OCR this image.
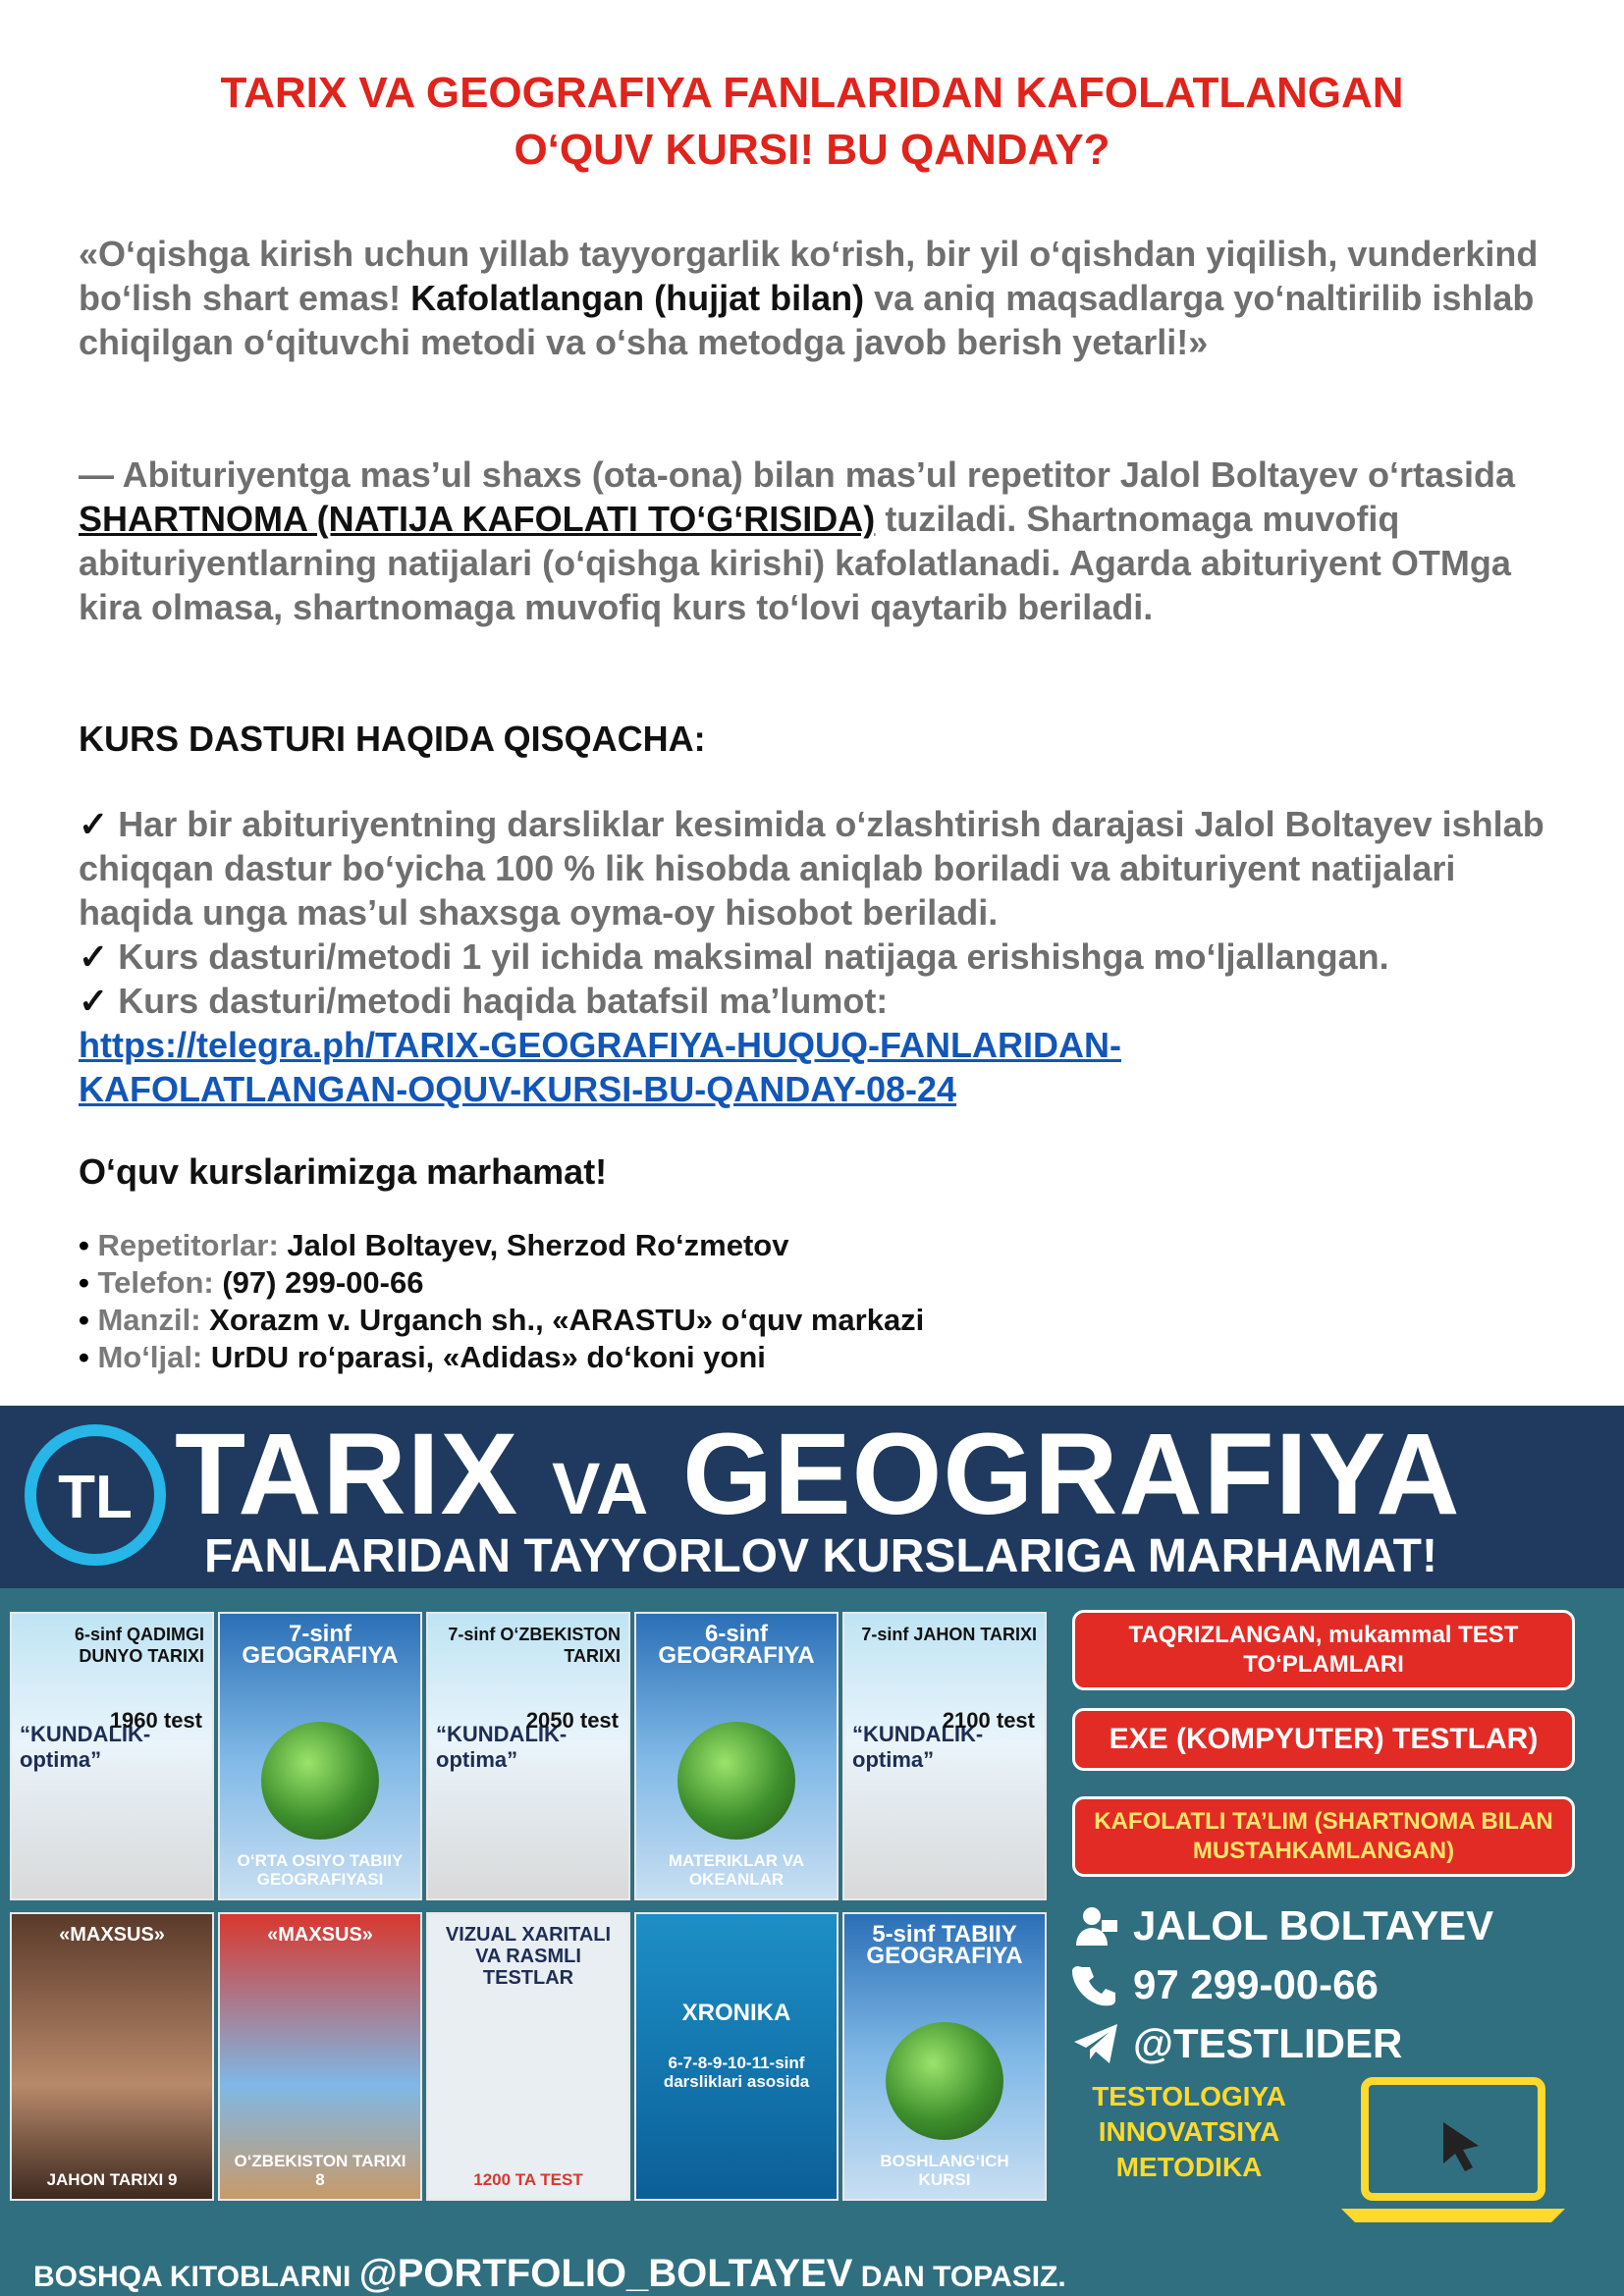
TARIX VA GEOGRAFIYA FANLARIDAN KAFOLATLANGAN
O‘QUV KURSI! BU QANDAY?
«O‘qishga kirish uchun yillab tayyorgarlik ko‘rish, bir yil o‘qishdan yiqilish, vunderkind bo‘lish shart emas! Kafolatlangan (hujjat bilan) va aniq maqsadlarga yo‘naltirilib ishlab chiqilgan o‘qituvchi metodi va o‘sha metodga javob berish yetarli!»
— Abituriyentga mas’ul shaxs (ota-ona) bilan mas’ul repetitor Jalol Boltayev o‘rtasida SHARTNOMA (NATIJA KAFOLATI TO‘G‘RISIDA) tuziladi. Shartnomaga muvofiq abituriyentlarning natijalari (o‘qishga kirishi) kafolatlanadi. Agarda abituriyent OTMga kira olmasa, shartnomaga muvofiq kurs to‘lovi qaytarib beriladi.
KURS DASTURI HAQIDA QISQACHA:
✓ Har bir abituriyentning darsliklar kesimida o‘zlashtirish darajasi Jalol Boltayev ishlab chiqqan dastur bo‘yicha 100 % lik hisobda aniqlab boriladi va abituriyent natijalari haqida unga mas’ul shaxsga oyma-oy hisobot beriladi.
✓ Kurs dasturi/metodi 1 yil ichida maksimal natijaga erishishga mo‘ljallangan.
✓ Kurs dasturi/metodi haqida batafsil ma’lumot:
https://telegra.ph/TARIX-GEOGRAFIYA-HUQUQ-FANLARIDAN-
KAFOLATLANGAN-OQUV-KURSI-BU-QANDAY-08-24
O‘quv kurslarimizga marhamat!
• Repetitorlar: Jalol Boltayev, Sherzod Ro‘zmetov
• Telefon: (97) 299-00-66
• Manzil: Xorazm v. Urganch sh., «ARASTU» o‘quv markazi
• Mo‘ljal: UrDU ro‘parasi, «Adidas» do‘koni yoni
TL TARIX VA GEOGRAFIYA
FANLARIDAN TAYYORLOV KURSLARIGA MARHAMAT!
6-sinf QADIMGI DUNYO TARIXI
“KUNDALIK-optima”
1960 test
7-sinf GEOGRAFIYA
O‘RTA OSIYO TABIIY GEOGRAFIYASI
7-sinf O‘ZBEKISTON TARIXI
“KUNDALIK-optima”
2050 test
6-sinf GEOGRAFIYA
MATERIKLAR VA OKEANLAR
7-sinf JAHON TARIXI
“KUNDALIK-optima”
2100 test
«MAXSUS»
JAHON TARIXI 9
«MAXSUS»
O‘ZBEKISTON TARIXI 8
VIZUAL XARITALI VA RASMLI TESTLAR
1200 TA TEST
XRONIKA
6-7-8-9-10-11-sinf darsliklari asosida
5-sinf TABIIY GEOGRAFIYA
BOSHLANG‘ICH KURSI
TAQRIZLANGAN, mukammal TEST TO‘PLAMLARI
EXE (KOMPYUTER) TESTLAR)
KAFOLATLI TA’LIM (SHARTNOMA BILAN MUSTAHKAMLANGAN)
JALOL BOLTAYEV
97 299-00-66
@TESTLIDER
TESTOLOGIYA INNOVATSIYA METODIKA
BOSHQA KITOBLARNI @PORTFOLIO_BOLTAYEV DAN TOPASIZ.
